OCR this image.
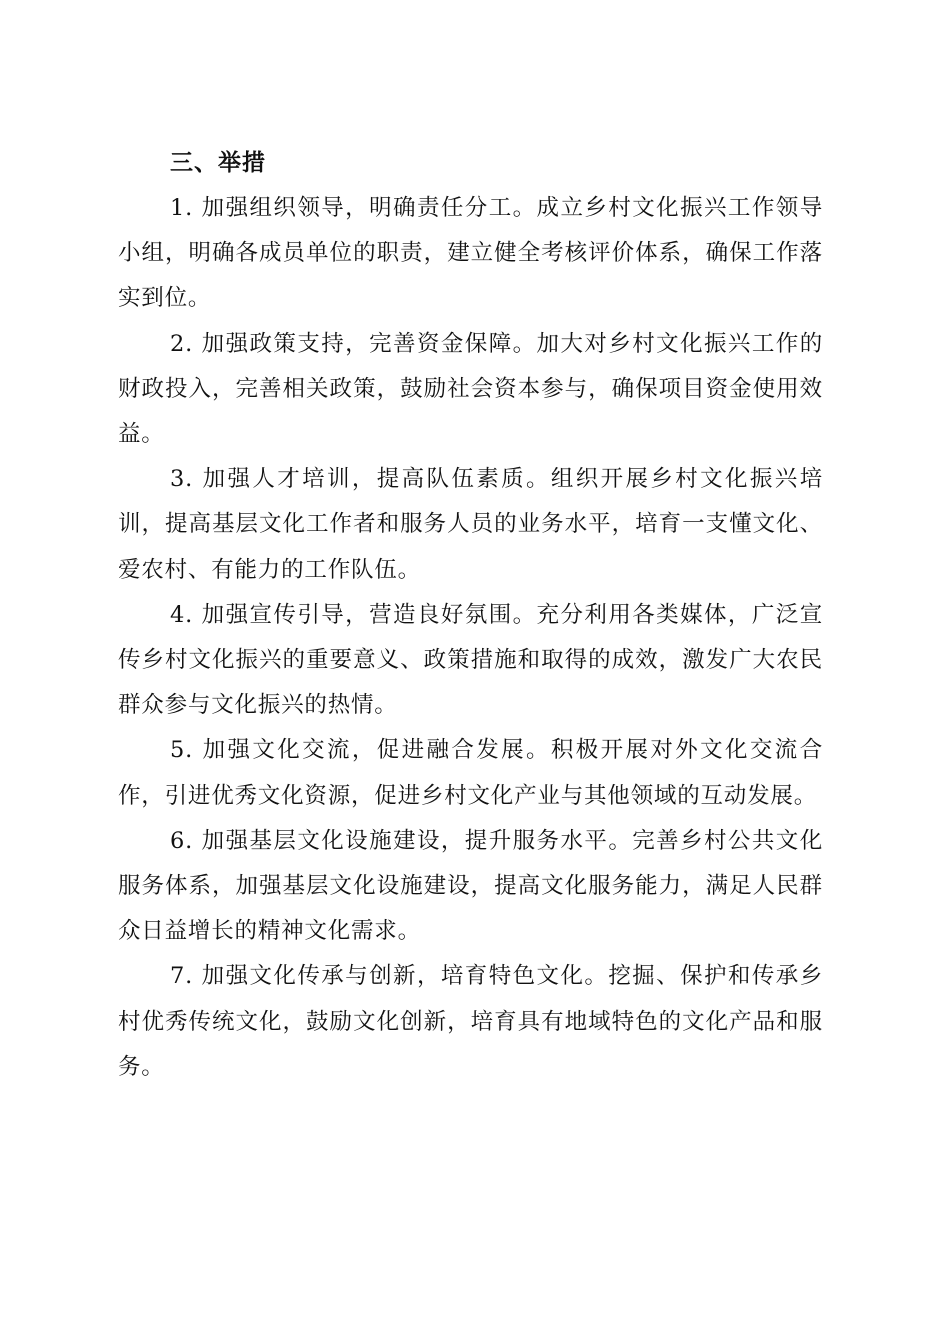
三、举措

1. 加强组织领导，明确责任分工。成立乡村文化振兴工作领导小组，明确各成员单位的职责，建立健全考核评价体系，确保工作落实到位。

2. 加强政策支持，完善资金保障。加大对乡村文化振兴工作的财政投入，完善相关政策，鼓励社会资本参与，确保项目资金使用效益。

3. 加强人才培训，提高队伍素质。组织开展乡村文化振兴培训，提高基层文化工作者和服务人员的业务水平，培育一支懂文化、爱农村、有能力的工作队伍。

4. 加强宣传引导，营造良好氛围。充分利用各类媒体，广泛宣传乡村文化振兴的重要意义、政策措施和取得的成效，激发广大农民群众参与文化振兴的热情。

5. 加强文化交流，促进融合发展。积极开展对外文化交流合作，引进优秀文化资源，促进乡村文化产业与其他领域的互动发展。

6. 加强基层文化设施建设，提升服务水平。完善乡村公共文化服务体系，加强基层文化设施建设，提高文化服务能力，满足人民群众日益增长的精神文化需求。

7. 加强文化传承与创新，培育特色文化。挖掘、保护和传承乡村优秀传统文化，鼓励文化创新，培育具有地域特色的文化产品和服务。
